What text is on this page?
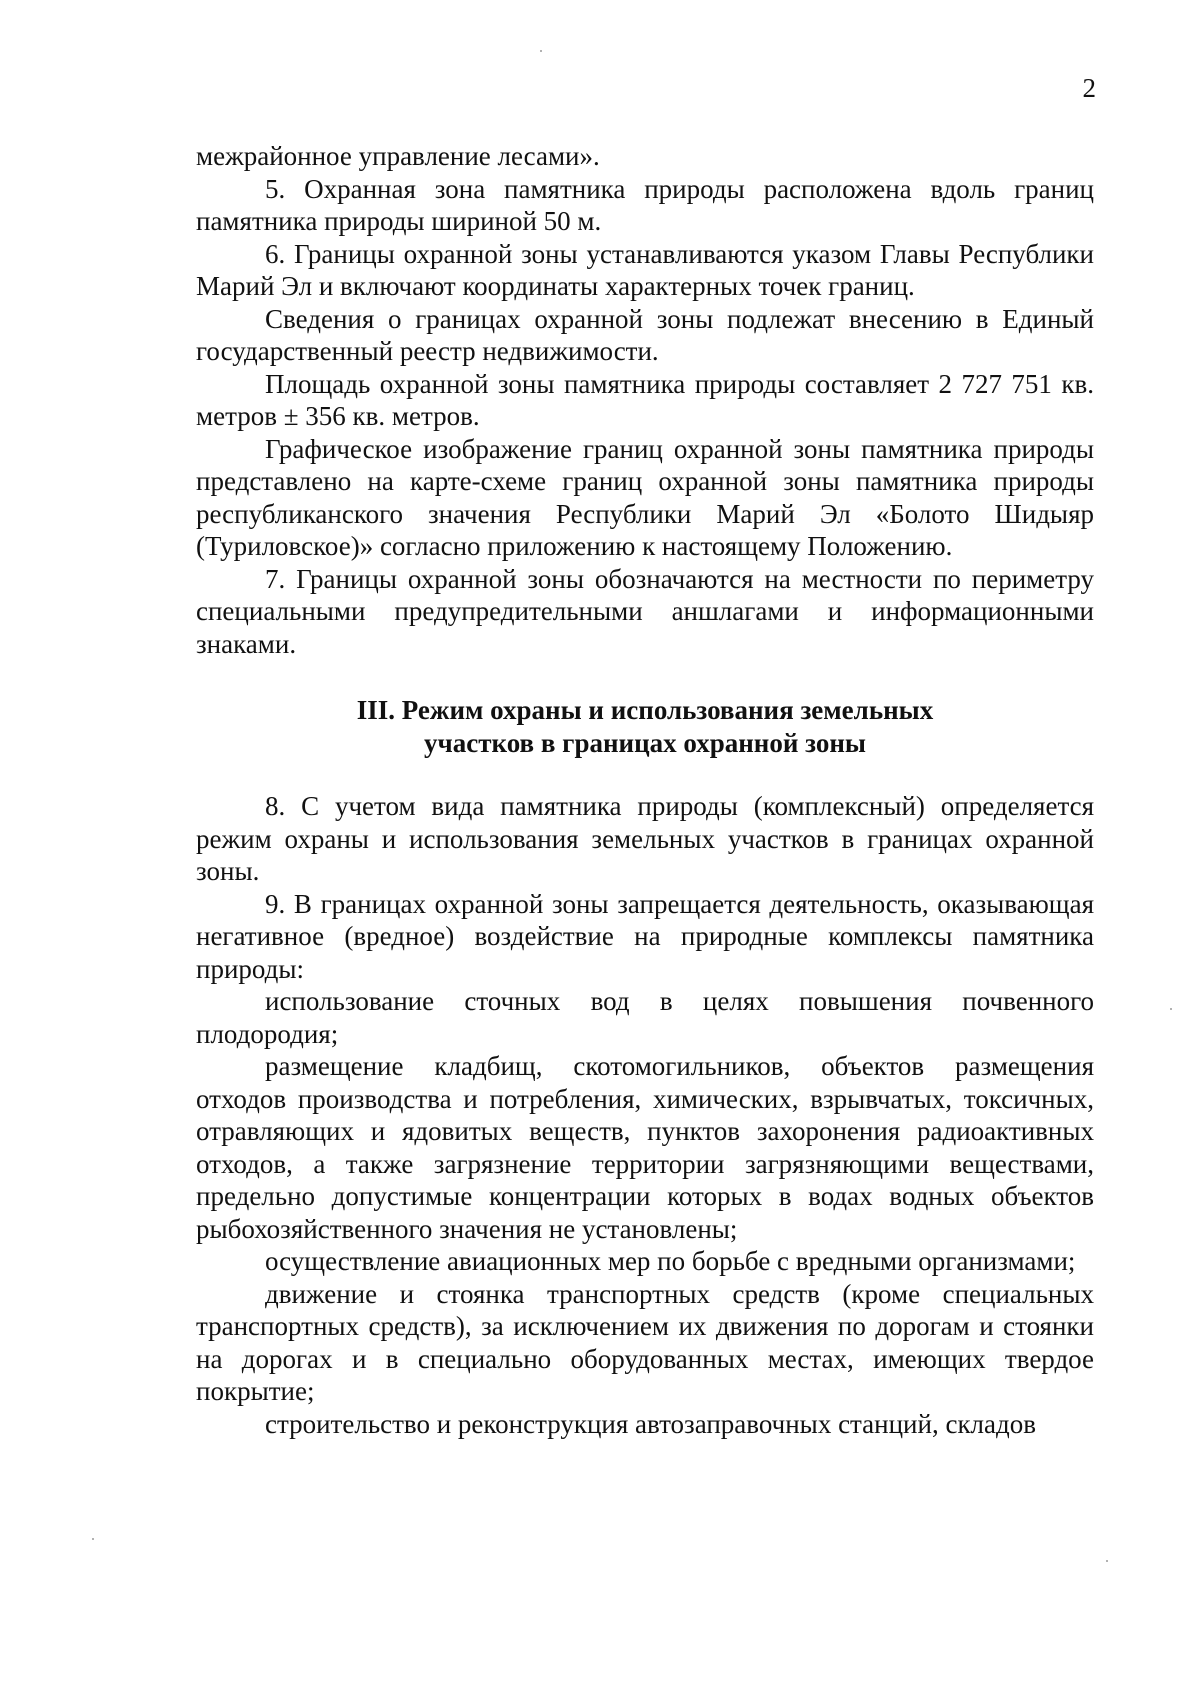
2

межрайонное управление лесами».

5. Охранная зона памятника природы расположена вдоль границ памятника природы шириной 50 м.

6. Границы охранной зоны устанавливаются указом Главы Республики Марий Эл и включают координаты характерных точек границ.

Сведения о границах охранной зоны подлежат внесению в Единый государственный реестр недвижимости.

Площадь охранной зоны памятника природы составляет 2 727 751 кв. метров ± 356 кв. метров.

Графическое изображение границ охранной зоны памятника природы представлено на карте-схеме границ охранной зоны памятника природы республиканского значения Республики Марий Эл «Болото Шидыяр (Туриловское)» согласно приложению к настоящему Положению.

7. Границы охранной зоны обозначаются на местности по периметру специальными предупредительными аншлагами и информационными знаками.

III. Режим охраны и использования земельных
участков в границах охранной зоны

8. С учетом вида памятника природы (комплексный) определяется режим охраны и использования земельных участков в границах охранной зоны.

9. В границах охранной зоны запрещается деятельность, оказывающая негативное (вредное) воздействие на природные комплексы памятника природы:

использование сточных вод в целях повышения почвенного плодородия;

размещение кладбищ, скотомогильников, объектов размещения отходов производства и потребления, химических, взрывчатых, токсичных, отравляющих и ядовитых веществ, пунктов захоронения радиоактивных отходов, а также загрязнение территории загрязняющими веществами, предельно допустимые концентрации которых в водах водных объектов рыбохозяйственного значения не установлены;

осуществление авиационных мер по борьбе с вредными организмами;

движение и стоянка транспортных средств (кроме специальных транспортных средств), за исключением их движения по дорогам и стоянки на дорогах и в специально оборудованных местах, имеющих твердое покрытие;

строительство и реконструкция автозаправочных станций, складов
